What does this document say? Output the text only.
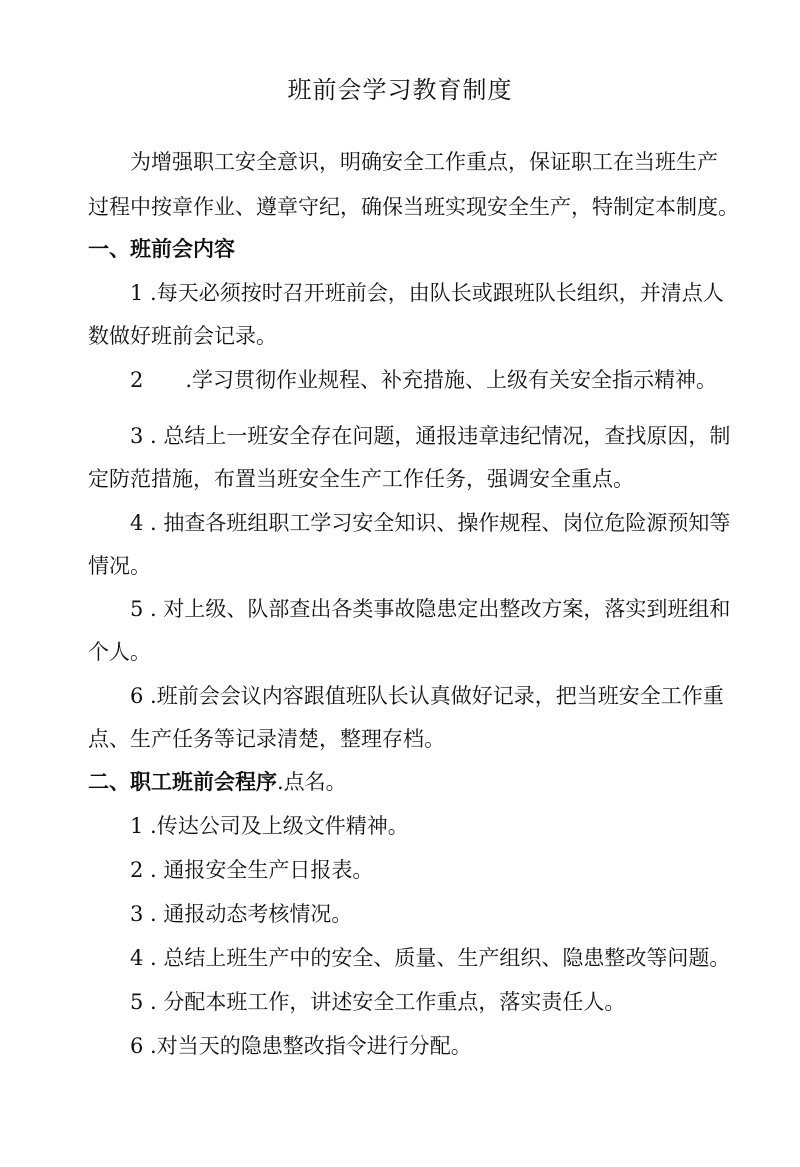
班前会学习教育制度
为增强职工安全意识，明确安全工作重点，保证职工在当班生产
过程中按章作业、遵章守纪，确保当班实现安全生产，特制定本制度。
一、班前会内容
1 .每天必须按时召开班前会，由队长或跟班队长组织，并清点人
数做好班前会记录。
2　　.学习贯彻作业规程、补充措施、上级有关安全指示精神。
3 . 总结上一班安全存在问题，通报违章违纪情况，查找原因，制
定防范措施，布置当班安全生产工作任务，强调安全重点。
4 . 抽查各班组职工学习安全知识、操作规程、岗位危险源预知等
情况。
5 . 对上级、队部查出各类事故隐患定出整改方案，落实到班组和
个人。
6 .班前会会议内容跟值班队长认真做好记录，把当班安全工作重
点、生产任务等记录清楚，整理存档。
二、职工班前会程序.点名。
1 .传达公司及上级文件精神。
2 . 通报安全生产日报表。
3 . 通报动态考核情况。
4 . 总结上班生产中的安全、质量、生产组织、隐患整改等问题。
5 . 分配本班工作，讲述安全工作重点，落实责任人。
6 .对当天的隐患整改指令进行分配。
